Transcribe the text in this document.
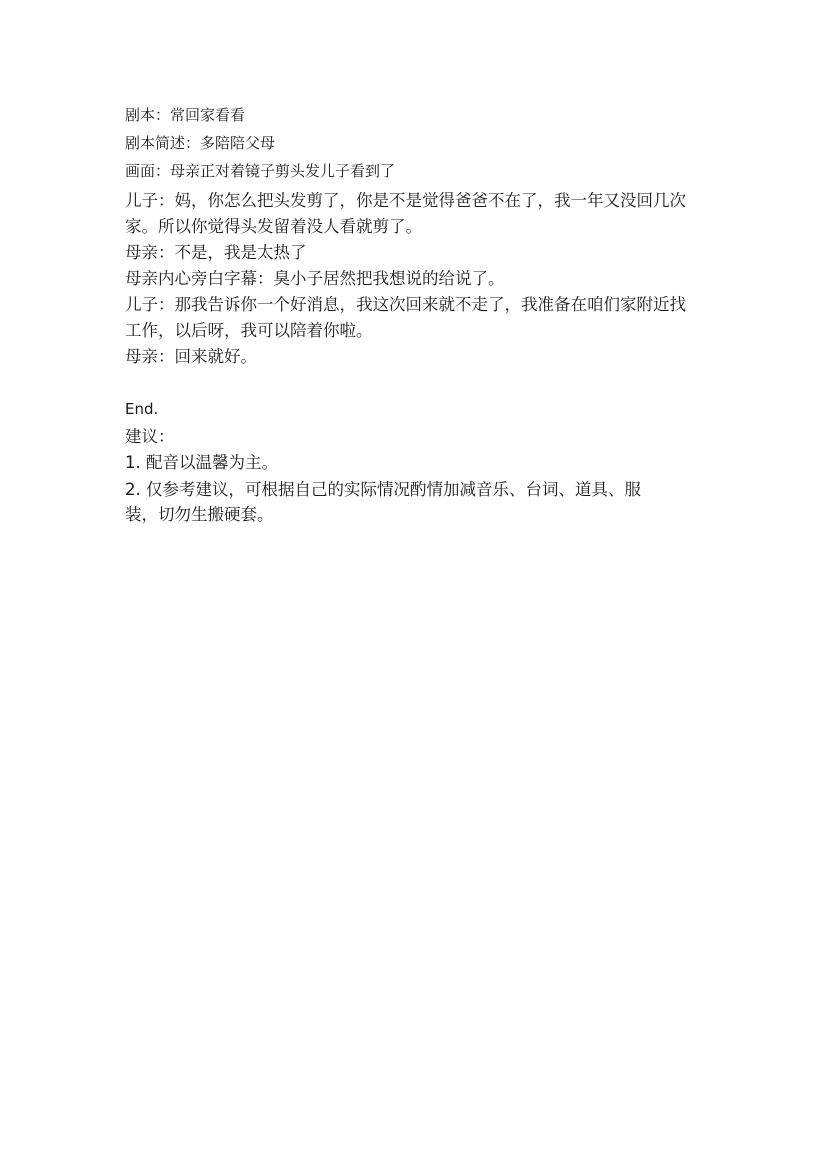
剧本：常回家看看
剧本简述：多陪陪父母
画面：母亲正对着镜子剪头发儿子看到了

儿子：妈，你怎么把头发剪了，你是不是觉得爸爸不在了，我一年又没回几次家。所以你觉得头发留着没人看就剪了。

母亲：不是，我是太热了

母亲内心旁白字幕：臭小子居然把我想说的给说了。

儿子：那我告诉你一个好消息，我这次回来就不走了，我准备在咱们家附近找工作，以后呀，我可以陪着你啦。

母亲：回来就好。

End.
建议：
1. 配音以温馨为主。
2. 仅参考建议，可根据自己的实际情况酌情加减音乐、台词、道具、服装，切勿生搬硬套。
